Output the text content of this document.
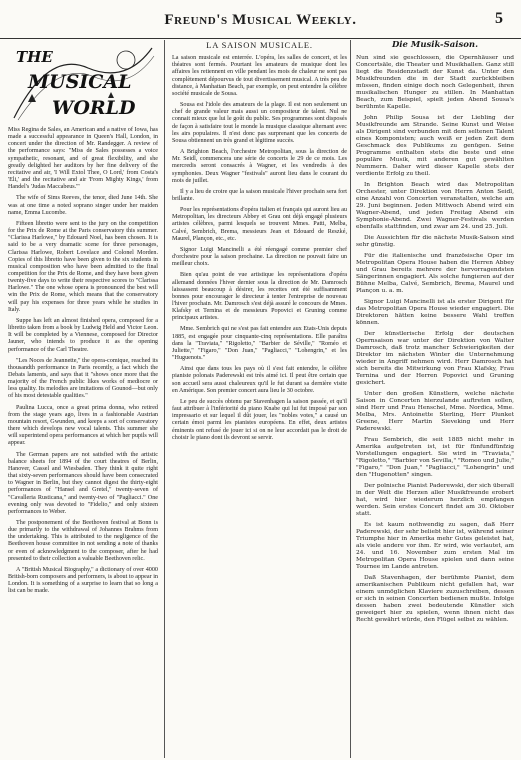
Freund's Musical Weekly.	5
THE
MUSICAL
WORLD

Miss Regina de Sales, an American and a native of Iowa, has made a successful appearance in Queen's Hall, London, in concert under the direction of Mr. Randegger. A review of the performance says: "Miss de Sales possesses a voice sympathetic, resonant, and of great flexibility, and she greatly delighted her auditors by her fine delivery of the recitative and air, 'I Will Extol Thee, O Lord,' from Costa's 'Eli,' and the recitative and air 'From Mighty Kings,' from Handel's 'Judas Maccabeus.'"

The wife of Sims Reeves, the tenor, died June 14th. She was at one time a noted soprano singer under her maiden name, Emma Lucombe.

Fifteen libretto were sent to the jury on the competition for the Prix de Rome at the Paris conservatory this summer. "Clarissa Harlowe," by Edouard Noel, has been chosen. It is said to be a very dramatic scene for three personages, Clarissa Harlowe, Robert Lovelace and Colonel Morden. Copies of this libretto have been given to the six students in musical composition who have been admitted to the final competition for the Prix de Rome, and they have been given twenty-five days to write their respective scores to "Clarissa Harlowe." The one whose opera is pronounced the best will win the Prix de Rome, which means that the conservatory will pay his expenses for three years while he studies in Italy.

Suppe has left an almost finished opera, composed for a libretto taken from a book by Ludwig Held and Victor Leon. It will be completed by a Viennese, composed for Director Jauner, who intends to produce it as the opening performance of the Carl Theatre.

"Les Noces de Jeannette," the opera-comique, reached its thousandth performance in Paris recently, a fact which the Debats laments, and says that it "shows once more that the majority of the French public likes works of mediocre or less quality. Its melodies are imitations of Gounod—but only of his most detestable qualities."

Paulina Lucca, once a great prima donna, who retired from the stage years ago, lives in a fashionable Austrian mountain resort, Gwunden, and keeps a sort of conservatory there which develops new vocal talents. This summer she will superintend opera performances at which her pupils will appear.

The German papers are not satisfied with the artistic balance sheets for 1894 of the court theatres of Berlin, Hanover, Cassel and Wiesbaden. They think it quite right that sixty-seven performances should have been consecrated to Wagner in Berlin, but they cannot digest the thirty-eight performances of "Hansel and Gretel," twenty-seven of "Cavalleria Rusticana," and twenty-two of "Pagliacci." One evening only was devoted to "Fidelio," and only sixteen performances to Weber.

The postponement of the Beethoven festival at Bonn is due primarily to the withdrawal of Johannes Brahms from the undertaking. This is attributed to the negligence of the Beethoven house committee in not sending a note of thanks or even of acknowledgment to the composer, after he had presented to their collection a valuable Beethoven relic.

A "British Musical Biography," a dictionary of over 4000 British-born composers and performers, is about to appear in London. It is something of a surprise to learn that so long a list can be made.

LA SAISON MUSICALE.

La saison musicale est enterrée. L'opéra, les salles de concert, et les théatres sont fermés. Pourtant les amateurs de musique dont les affaires les retiennent en ville pendant les mois de chaleur ne sont pas complètement dépourvus de tout divertissement musical. A très peu de distance, à Manhattan Beach, par exemple, on peut entendre la célèbre société musicale de Sousa.

Sousa est l'idole des amateurs de la plage. Il est non seulement un chef de grande valeur mais aussi un compositeur de talent. Nul ne connait mieux que lui le goût du public. Ses programmes sont disposés de façon à satisfaire tout le monde la musique classique alternant avec les airs populaires. Il n'est donc pas surprenant que les concerts de Sousa obtiennent un très grand et légitime succès.

A Brighton Beach, l'orchestre Metropolitan, sous la direction de Mr. Seidl, commencera une série de concerts le 29 de ce mois. Les mercredis seront consacrés à Wagner, et les vendredis à des symphonies. Deux Wagner "festivals" auront lieu dans le courant du mois de juillet.

Il y a lieu de croire que la saison musicale l'hiver prochain sera fort brillante.

Pour les représentations d'opéra italien et français qui auront lieu au Metropolitan, les directeurs Abbey et Grau ont déjà engagé plusieurs artistes célèbres, parmi lesquels se trouvent Mmes. Patti, Melba, Calvé, Sembrich, Brema, messieurs Jean et Edouard de Reszké, Maurel, Plançon, etc., etc.

Signor Luigi Mancinelli a été réengagé comme premier chef d'orchestre pour la saison prochaine. La direction ne pouvait faire un meilleur choix.

Bien qu'au point de vue artistique les représentations d'opéra allemand données l'hiver dernier sous la direction de Mr. Damrosch laissassent beaucoup à désirer, les recettes ont été suffisamment bonnes pour encourager le directeur à tenter l'entreprise de nouveau l'hiver prochain. Mr. Damrosch s'est déjà assuré le concours de Mmes. Klafsky et Ternina et de messieurs Popovici et Gruning comme principaux artistes.

Mme. Sembrich qui ne s'est pas fait entendre aux Etats-Unis depuis 1885, est engagée pour cinquante-cinq représentations. Elle paraîtra dans la "Traviata," "Rigoletto," "Barbier de Séville," "Roméo et Juliette," "Figaro," "Don Juan," "Pagliacci," "Lohengrin," et les "Huguenots."

Ainsi que dans tous les pays où il s'est fait entendre, le célèbre pianiste polonais Paderewski est très aimé ici. Il peut être certain que son accueil sera aussi chaleureux qu'il le fut durant sa dernière visite en Amérique. Son premier concert aura lieu le 30 octobre.

Le peu de succès obtenu par Stavenhagen la saison passée, et qu'il faut attribuer à l'infériorité du piano Knabe qui lui fut imposé par son impressario et sur lequel il dût jouer, les "nobles votes," a causé un certain émoi parmi les pianistes européens. En effet, deux artistes éminents ont refusé de jouer ici si on ne leur accordait pas le droit de choisir le piano dont ils devront se servir.

Die Musik-Saison.

Nun sind sie geschlossen, die Opernhäuser und Concertsäle, die Theater und Musikhallen. Ganz still liegt die Residenzstadt der Kunst da. Unter den Musikfreunden die in der Stadt zurückbleiben müssen, finden einige doch noch Gelegenheit, ihren musikalischen Hunger zu stillen. In Manhattan Beach, zum Beispiel, spielt jeden Abend Sousa's berühmte Kapelle.

John Philip Sousa ist der Liebling der Musikfreunde am Strande. Seine Kunst und Weise als Dirigent sind verbunden mit dem seltenen Talent eines Komponisten; auch weiß er jeden Zeit dem Geschmack des Publikums zu genügen. Seine Programme enthalten stets die beste und eine populäre Musik, mit anderen gut gewählten Nummern. Daher wird dieser Kapelle stets der verdiente Erfolg zu theil.

In Brighton Beach wird das Metropolitan Orchester, unter Direktion von Herrn Anton Seidl, eine Anzahl von Concerten veranstalten, welche am 29. Juni beginnen. Jeden Mittwoch Abend wird ein Wagner-Abend, und jeden Freitag Abend ein Symphonie-Abend. Zwei Wagner-Festivals werden ebenfalls stattfinden, und zwar am 24. und 25. Juli.

Die Aussichten für die nächste Musik-Saison sind sehr günstig.

Für die italienische und französische Oper im Metropolitan Opera House haben die Herren Abbey und Grau bereits mehrere der hervorragendsten Sängerinnen engagiert. Als solche fungieren auf der Bühne Melba, Calvé, Sembrich, Brema, Maurel und Plançon u. a. m.

Signor Luigi Mancinelli ist als erster Dirigent für das Metropolitan Opera House wieder engagiert. Die Direktoren hätten keine bessere Wahl treffen können.

Der künstlerische Erfolg der deutschen Opernsaison war unter der Direktion von Walter Damrosch, daß trotz mancher Schwierigkeiten der Direktor im nächsten Winter die Unternehmung wieder in Angriff nehmen wird. Herr Damrosch hat sich bereits die Mitwirkung von Frau Klafsky, Frau Ternina und der Herren Popovici und Gruning gesichert.

Unter den großen Künstlern, welche nächste Saison in Concerten hierzulande auftreten sollen, sind Herr und Frau Henschel, Mme. Nordica, Mme. Melba, Mrs. Antoinette Sterling, Herr Plunket Greene, Herr Martin Sieveking und Herr Paderewski.

Frau Sembrich, die seit 1885 nicht mehr in Amerika aufgetreten ist, ist für fünfundfünfzig Vorstellungen engagiert. Sie wird in "Traviata," "Rigoletto," "Barbier von Sevilla," "Romeo und Julie," "Figaro," "Don Juan," "Pagliacci," "Lohengrin" und den "Hugenotten" singen.

Der polnische Pianist Paderewski, der sich überall in der Welt die Herzen aller Musikfreunde erobert hat, wird hier wiederum herzlich empfangen werden. Sein erstes Concert findet am 30. Oktober statt.

Es ist kaum nothwendig zu sagen, daß Herr Paderewski, der sehr beliebt hier ist, während seiner Triumphe hier in Amerika mehr Gutes geleistet hat, als viele andere vor ihm. Er wird, wie verlautet, am 24. und 16. November zum ersten Mal im Metropolitan Opera House spielen und dann seine Tournee im Lande antreten.

Daß Stavenhagen, der berühmte Pianist, dem amerikanischen Publikum nicht gefallen hat, war einem unmöglichen Klaviere zuzuschreiben, dessen er sich in seinen Concerten bedienen mußte. Infolge dessen haben zwei bedeutende Künstler sich geweigert hier zu spielen, wenn ihnen nicht das Recht gewährt würde, den Flügel selbst zu wählen.
